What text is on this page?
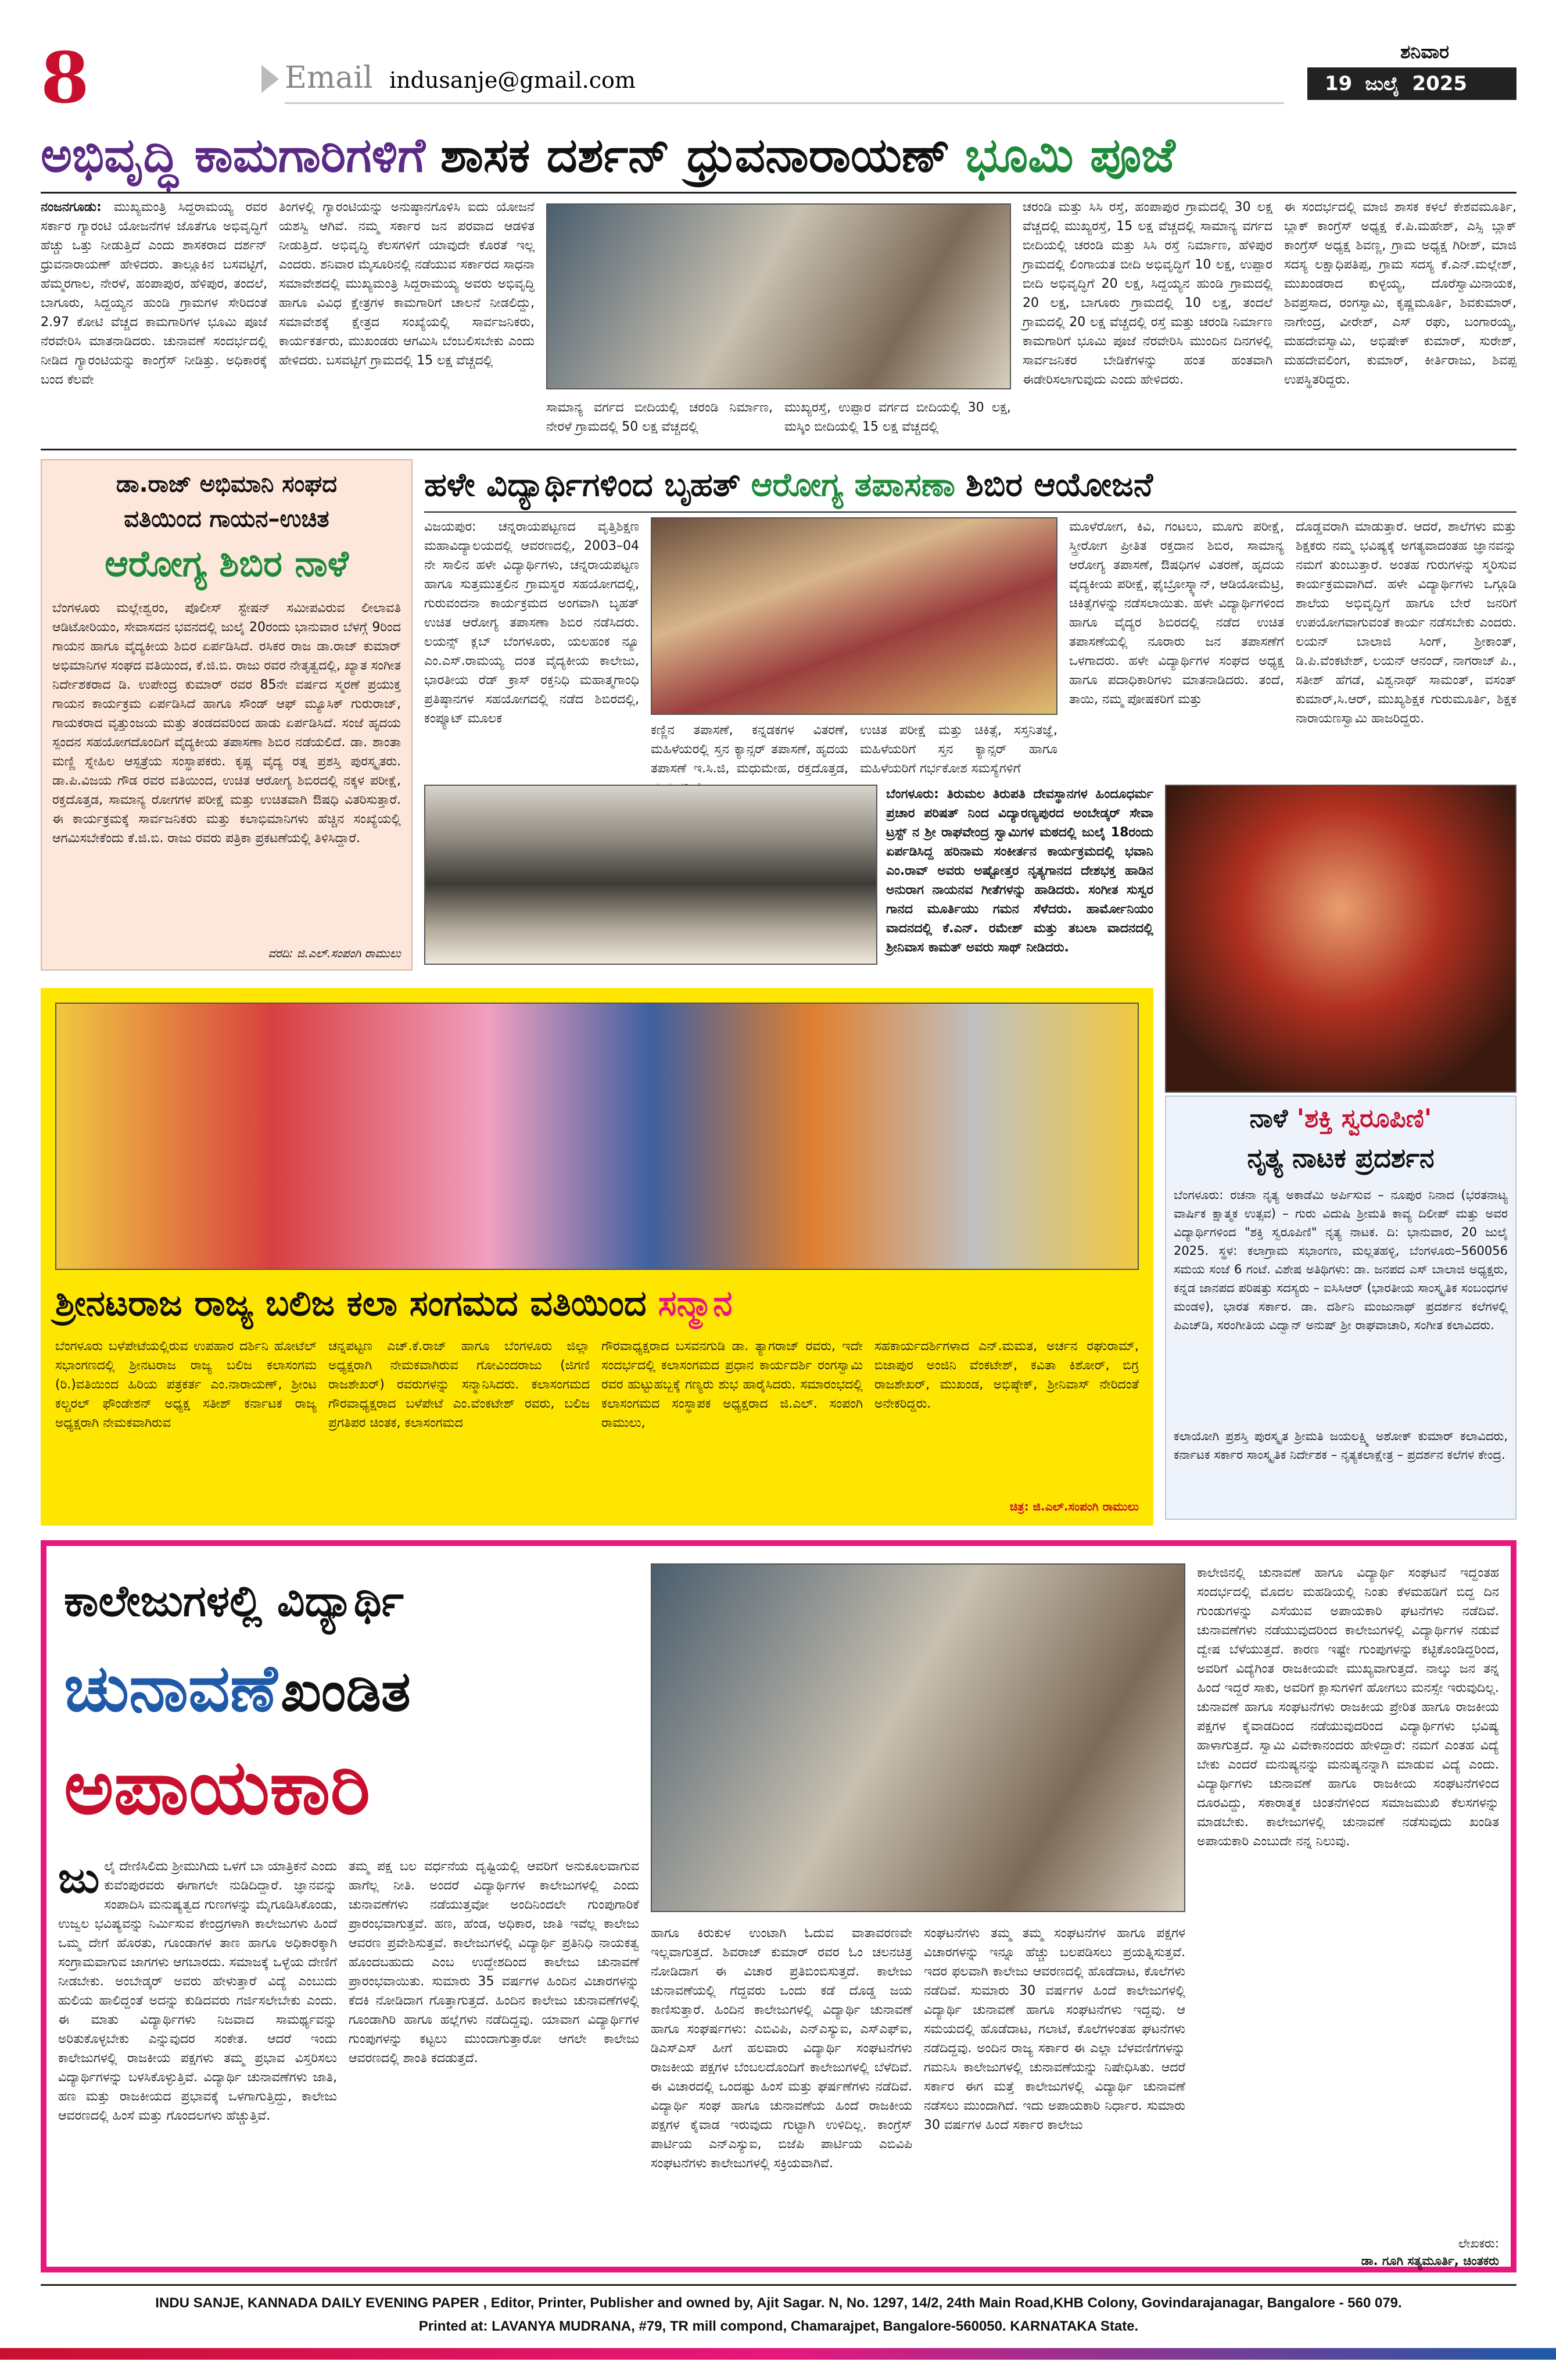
8	Email indusanje@gmail.com
ಶನಿವಾರ
19 ಜುಲೈ 2025
ಅಭಿವೃದ್ಧಿ ಕಾಮಗಾರಿಗಳಿಗೆ ಶಾಸಕ ದರ್ಶನ್ ಧ್ರುವನಾರಾಯಣ್ ಭೂಮಿ ಪೂಜೆ
ನಂಜನಗೂಡು: ಮುಖ್ಯಮಂತ್ರಿ ಸಿದ್ದರಾಮಯ್ಯ ರವರ ಸರ್ಕಾರ ಗ್ಯಾರಂಟಿ ಯೋಜನೆಗಳ ಜೊತೆಗೂ ಅಭಿವೃದ್ಧಿಗೆ ಹೆಚ್ಚು ಒತ್ತು ನೀಡುತ್ತಿದೆ ಎಂದು ಶಾಸಕರಾದ ದರ್ಶನ್ ಧ್ರುವನಾರಾಯಣ್ ಹೇಳಿದರು. ತಾಲ್ಲೂಕಿನ ಬಸವಟ್ಟಿಗೆ, ಹೆಮ್ಮರಗಾಲ, ನೇರಳೆ, ಹಂಪಾಪುರ, ಹೆಳಿಪುರ, ತಂದಲೆ, ಬಾಗೂರು, ಸಿದ್ದಯ್ಯನ ಹುಂಡಿ ಗ್ರಾಮಗಳ ಸೇರಿದಂತೆ 2.97 ಕೋಟಿ ವೆಚ್ಚದ ಕಾಮಗಾರಿಗಳ ಭೂಮಿ ಪೂಜೆ ನೆರವೇರಿಸಿ ಮಾತನಾಡಿದರು. ಚುನಾವಣೆ ಸಂದರ್ಭದಲ್ಲಿ ನೀಡಿದ ಗ್ಯಾರಂಟಿಯನ್ನು ಕಾಂಗ್ರೆಸ್ ನೀಡಿತ್ತು. ಅಧಿಕಾರಕ್ಕೆ ಬಂದ ಕೆಲವೇ
ತಿಂಗಳಲ್ಲಿ ಗ್ಯಾರಂಟಿಯನ್ನು ಅನುಷ್ಠಾನಗೊಳಿಸಿ ಐದು ಯೋಜನೆ ಯಶಸ್ವಿ ಆಗಿವೆ. ನಮ್ಮ ಸರ್ಕಾರ ಜನ ಪರವಾದ ಆಡಳಿತ ನೀಡುತ್ತಿದೆ. ಅಭಿವೃದ್ಧಿ ಕೆಲಸಗಳಿಗೆ ಯಾವುದೇ ಕೊರತೆ ಇಲ್ಲ ಎಂದರು. ಶನಿವಾರ ಮೈಸೂರಿನಲ್ಲಿ ನಡೆಯುವ ಸರ್ಕಾರದ ಸಾಧನಾ ಸಮಾವೇಶದಲ್ಲಿ ಮುಖ್ಯಮಂತ್ರಿ ಸಿದ್ದರಾಮಯ್ಯ ಅವರು ಅಭಿವೃದ್ಧಿ ಹಾಗೂ ವಿವಿಧ ಕ್ಷೇತ್ರಗಳ ಕಾಮಗಾರಿಗೆ ಚಾಲನೆ ನೀಡಲಿದ್ದು, ಸಮಾವೇಶಕ್ಕೆ ಕ್ಷೇತ್ರದ ಸಂಖ್ಯೆಯಲ್ಲಿ ಸಾರ್ವಜನಿಕರು, ಕಾರ್ಯಕರ್ತರು, ಮುಖಂಡರು ಆಗಮಿಸಿ ಬೆಂಬಲಿಸಬೇಕು ಎಂದು ಹೇಳಿದರು. ಬಸವಟ್ಟಿಗೆ ಗ್ರಾಮದಲ್ಲಿ 15 ಲಕ್ಷ ವೆಚ್ಚದಲ್ಲಿ
ಸಾಮಾನ್ಯ ವರ್ಗದ ಬೀದಿಯಲ್ಲಿ ಚರಂಡಿ ನಿರ್ಮಾಣ, ನೇರಳೆ ಗ್ರಾಮದಲ್ಲಿ 50 ಲಕ್ಷ ವೆಚ್ಚದಲ್ಲಿ
ಮುಖ್ಯರಸ್ತೆ, ಉಪ್ಪಾರ ವರ್ಗದ ಬೀದಿಯಲ್ಲಿ 30 ಲಕ್ಷ, ಮಸ್ಕಿಂ ಬೀದಿಯಲ್ಲಿ 15 ಲಕ್ಷ ವೆಚ್ಚದಲ್ಲಿ
ಚರಂಡಿ ಮತ್ತು ಸಿಸಿ ರಸ್ತೆ, ಹಂಪಾಪುರ ಗ್ರಾಮದಲ್ಲಿ 30 ಲಕ್ಷ ವೆಚ್ಚದಲ್ಲಿ ಮುಖ್ಯರಸ್ತೆ, 15 ಲಕ್ಷ ವೆಚ್ಚದಲ್ಲಿ ಸಾಮಾನ್ಯ ವರ್ಗದ ಬೀದಿಯಲ್ಲಿ ಚರಂಡಿ ಮತ್ತು ಸಿಸಿ ರಸ್ತೆ ನಿರ್ಮಾಣ, ಹೆಳಿಪುರ ಗ್ರಾಮದಲ್ಲಿ ಲಿಂಗಾಯತ ಬೀದಿ ಅಭಿವೃದ್ಧಿಗೆ 10 ಲಕ್ಷ, ಉಪ್ಪಾರ ಬೀದಿ ಅಭಿವೃದ್ಧಿಗೆ 20 ಲಕ್ಷ, ಸಿದ್ದಯ್ಯನ ಹುಂಡಿ ಗ್ರಾಮದಲ್ಲಿ 20 ಲಕ್ಷ, ಬಾಗೂರು ಗ್ರಾಮದಲ್ಲಿ 10 ಲಕ್ಷ, ತಂದಲೆ ಗ್ರಾಮದಲ್ಲಿ 20 ಲಕ್ಷ ವೆಚ್ಚದಲ್ಲಿ ರಸ್ತೆ ಮತ್ತು ಚರಂಡಿ ನಿರ್ಮಾಣ ಕಾಮಗಾರಿಗೆ ಭೂಮಿ ಪೂಜೆ ನೆರವೇರಿಸಿ ಮುಂದಿನ ದಿನಗಳಲ್ಲಿ ಸಾರ್ವಜನಿಕರ ಬೇಡಿಕೆಗಳನ್ನು ಹಂತ ಹಂತವಾಗಿ ಈಡೇರಿಸಲಾಗುವುದು ಎಂದು ಹೇಳಿದರು.
ಈ ಸಂದರ್ಭದಲ್ಲಿ ಮಾಜಿ ಶಾಸಕ ಕಳಲೆ ಕೇಶವಮೂರ್ತಿ, ಬ್ಲಾಕ್ ಕಾಂಗ್ರೆಸ್ ಅಧ್ಯಕ್ಷ ಕೆ.ಪಿ.ಮಹೇಶ್, ಎಸ್ಸಿ ಬ್ಲಾಕ್ ಕಾಂಗ್ರೆಸ್ ಅಧ್ಯಕ್ಷ ಶಿವಣ್ಣ, ಗ್ರಾಮ ಅಧ್ಯಕ್ಷ ಗಿರೀಶ್, ಮಾಜಿ ಸದಸ್ಯ ಲಕ್ಷಾಧಿಪತಿಪ್ಪ, ಗ್ರಾಮ ಸದಸ್ಯ ಕೆ.ಎನ್.ಮಲ್ಲೇಶ್, ಮುಖಂಡರಾದ ಕುಳ್ಳಯ್ಯ, ದೊರೆಸ್ವಾಮಿನಾಯಕ, ಶಿವಪ್ರಸಾದ, ರಂಗಸ್ವಾಮಿ, ಕೃಷ್ಣಮೂರ್ತಿ, ಶಿವಕುಮಾರ್, ನಾಗೇಂದ್ರ, ವೀರೇಶ್, ಎಸ್ ರಘು, ಬಂಗಾರಯ್ಯ, ಮಹದೇವಸ್ವಾಮಿ, ಅಭಿಷೇಕ್ ಕುಮಾರ್, ಸುರೇಶ್, ಮಹದೇವಲಿಂಗ, ಕುಮಾರ್, ಕೀರ್ತಿರಾಜು, ಶಿವಪ್ಪ ಉಪಸ್ಥಿತರಿದ್ದರು.
ಡಾ.ರಾಜ್ ಅಭಿಮಾನಿ ಸಂಘದ
ವತಿಯಿಂದ ಗಾಯನ–ಉಚಿತ
ಆರೋಗ್ಯ ಶಿಬಿರ ನಾಳೆ
ಬೆಂಗಳೂರು ಮಲ್ಲೇಶ್ವರಂ, ಪೊಲೀಸ್ ಸ್ಟೇಷನ್ ಸಮೀಪವಿರುವ ಲೀಲಾವತಿ ಆಡಿಟೋರಿಯಂ, ಸೇವಾಸದನ ಭವನದಲ್ಲಿ ಜುಲೈ 20ರಂದು ಭಾನುವಾರ ಬೆಳಗ್ಗೆ 9ರಿಂದ ಗಾಯನ ಹಾಗೂ ವೈದ್ಯಕೀಯ ಶಿಬಿರ ಏರ್ಪಡಿಸಿದೆ. ರಸಿಕರ ರಾಜ ಡಾ.ರಾಜ್ ಕುಮಾರ್ ಅಭಿಮಾನಿಗಳ ಸಂಘದ ವತಿಯಿಂದ, ಕೆ.ಜಿ.ಬಿ. ರಾಜು ರವರ ನೇತೃತ್ವದಲ್ಲಿ, ಖ್ಯಾತ ಸಂಗೀತ ನಿರ್ದೇಶಕರಾದ ಡಿ. ಉಪೇಂದ್ರ ಕುಮಾರ್ ರವರ 85ನೇ ವರ್ಷದ ಸ್ಮರಣೆ ಪ್ರಯುಕ್ತ ಗಾಯನ ಕಾರ್ಯಕ್ರಮ ಏರ್ಪಡಿಸಿದೆ ಹಾಗೂ ಸೌಂಡ್ ಆಫ್ ಮ್ಯೂಸಿಕ್ ಗುರುರಾಜ್, ಗಾಯಕರಾದ ವೃತ್ತುಂಜಯ ಮತ್ತು ತಂಡದವರಿಂದ ಹಾಡು ಏರ್ಪಡಿಸಿದೆ. ಸಂಜೆ ಹೃದಯ ಸ್ಪಂದನ ಸಹಯೋಗದೊಂದಿಗೆ ವೈದ್ಯಕೀಯ ತಪಾಸಣಾ ಶಿಬಿರ ನಡೆಯಲಿದೆ. ಡಾ. ಶಾಂತಾ ಮಣ್ಣಿ ಸ್ನೇಹಿಲ ಆಸ್ಪತ್ರೆಯ ಸಂಸ್ಥಾಪಕರು. ಕೃಷ್ಣ ವೈದ್ಯ ರತ್ನ ಪ್ರಶಸ್ತಿ ಪುರಸ್ಕೃತರು. ಡಾ.ಪಿ.ವಿಜಯ ಗೌಡ ರವರ ವತಿಯಿಂದ, ಉಚಿತ ಆರೋಗ್ಯ ಶಿಬಿರದಲ್ಲಿ ನಕ್ಕಳ ಪರೀಕ್ಷೆ, ರಕ್ತದೊತ್ತಡ, ಸಾಮಾನ್ಯ ರೋಗಗಳ ಪರೀಕ್ಷೆ ಮತ್ತು ಉಚಿತವಾಗಿ ಔಷಧಿ ವಿತರಿಸುತ್ತಾರೆ. ಈ ಕಾರ್ಯಕ್ರಮಕ್ಕೆ ಸಾರ್ವಜನಿಕರು ಮತ್ತು ಕಲಾಭಿಮಾನಿಗಳು ಹೆಚ್ಚಿನ ಸಂಖ್ಯೆಯಲ್ಲಿ ಆಗಮಿಸಬೇಕೆಂದು ಕೆ.ಜಿ.ಬಿ. ರಾಜು ರವರು ಪತ್ರಿಕಾ ಪ್ರಕಟಣೆಯಲ್ಲಿ ತಿಳಿಸಿದ್ದಾರೆ.
ವರದಿ: ಜಿ.ಎಲ್.ಸಂಪಂಗಿ ರಾಮುಲು
ಹಳೇ ವಿದ್ಯಾರ್ಥಿಗಳಿಂದ ಬೃಹತ್ ಆರೋಗ್ಯ ತಪಾಸಣಾ ಶಿಬಿರ ಆಯೋಜನೆ
ವಿಜಯಪುರ: ಚನ್ನರಾಯಪಟ್ಟಣದ ವೃತ್ತಿಶಿಕ್ಷಣ ಮಹಾವಿದ್ಯಾಲಯದಲ್ಲಿ ಆವರಣದಲ್ಲಿ, 2003–04 ನೇ ಸಾಲಿನ ಹಳೇ ವಿದ್ಯಾರ್ಥಿಗಳು, ಚನ್ನರಾಯಪಟ್ಟಣ ಹಾಗೂ ಸುತ್ತಮುತ್ತಲಿನ ಗ್ರಾಮಸ್ಥರ ಸಹಯೋಗದಲ್ಲಿ, ಗುರುವಂದನಾ ಕಾರ್ಯಕ್ರಮದ ಅಂಗವಾಗಿ ಬೃಹತ್ ಉಚಿತ ಆರೋಗ್ಯ ತಪಾಸಣಾ ಶಿಬಿರ ನಡೆಸಿದರು. ಲಯನ್ಸ್ ಕ್ಲಬ್ ಬೆಂಗಳೂರು, ಯಲಹಂಕ ನ್ಯೂ ಎಂ.ಎಸ್.ರಾಮಯ್ಯ ದಂತ ವೈದ್ಯಕೀಯ ಕಾಲೇಜು, ಭಾರತೀಯ ರೆಡ್ ಕ್ರಾಸ್ ರಕ್ತನಿಧಿ ಮಹಾತ್ಮಗಾಂಧಿ ಪ್ರತಿಷ್ಠಾನಗಳ ಸಹಯೋಗದಲ್ಲಿ ನಡೆದ ಶಿಬಿರದಲ್ಲಿ, ಕಂಪ್ಯೂಟ್ ಮೂಲಕ
ಕಣ್ಣಿನ ತಪಾಸಣೆ, ಕನ್ನಡಕಗಳ ವಿತರಣೆ, ಮಹಿಳೆಯರಲ್ಲಿ ಸ್ತನ ಕ್ಯಾನ್ಸರ್ ತಪಾಸಣೆ, ಹೃದಯ ತಪಾಸಣೆ ಇ.ಸಿ.ಜಿ, ಮಧುಮೇಹ, ರಕ್ತದೊತ್ತಡ,
ಉಚಿತ ಪರೀಕ್ಷೆ ಮತ್ತು ಚಿಕಿತ್ಸೆ, ಸಸ್ತನಿತಜ್ಞೆ, ಮಹಿಳೆಯರಿಗೆ ಸ್ತನ ಕ್ಯಾನ್ಸರ್ ಹಾಗೂ ಮಹಿಳೆಯರಿಗೆ ಗರ್ಭಕೋಶ ಸಮಸ್ಯೆಗಳಿಗೆ
ಮೂಳೆರೋಗ, ಕಿವಿ, ಗಂಟಲು, ಮೂಗು ಪರೀಕ್ಷೆ, ಸ್ತ್ರೀರೋಗ ಪ್ರೀತಿತ ರಕ್ತದಾನ ಶಿಬಿರ, ಸಾಮಾನ್ಯ ಆರೋಗ್ಯ ತಪಾಸಣೆ, ಔಷಧಿಗಳ ವಿತರಣೆ, ಹೃದಯ ವೈದ್ಯಕೀಯ ಪರೀಕ್ಷೆ, ಫೈಬ್ರೋಸ್ಕ್ಯಾನ್, ಆಡಿಯೋಮೆಟ್ರಿ, ಚಿಕಿತ್ಸೆಗಳನ್ನು ನಡೆಸಲಾಯಿತು. ಹಳೇ ವಿದ್ಯಾರ್ಥಿಗಳಿಂದ ಹಾಗೂ ವೈದ್ಯರ ಶಿಬಿರದಲ್ಲಿ ನಡೆದ ಉಚಿತ ತಪಾಸಣೆಯಲ್ಲಿ ನೂರಾರು ಜನ ತಪಾಸಣೆಗೆ ಒಳಗಾದರು. ಹಳೇ ವಿದ್ಯಾರ್ಥಿಗಳ ಸಂಘದ ಅಧ್ಯಕ್ಷ ಹಾಗೂ ಪದಾಧಿಕಾರಿಗಳು ಮಾತನಾಡಿದರು. ತಂದೆ, ತಾಯಿ, ನಮ್ಮ ಪೋಷಕರಿಗೆ ಮತ್ತು
ದೊಡ್ಡವರಾಗಿ ಮಾಡುತ್ತಾರೆ. ಆದರೆ, ಶಾಲೆಗಳು ಮತ್ತು ಶಿಕ್ಷಕರು ನಮ್ಮ ಭವಿಷ್ಯಕ್ಕೆ ಅಗತ್ಯವಾದಂತಹ ಜ್ಞಾನವನ್ನು ನಮಗೆ ತುಂಬುತ್ತಾರೆ. ಅಂತಹ ಗುರುಗಳನ್ನು ಸ್ಮರಿಸುವ ಕಾರ್ಯಕ್ರಮವಾಗಿದೆ. ಹಳೇ ವಿದ್ಯಾರ್ಥಿಗಳು ಒಗ್ಗೂಡಿ ಶಾಲೆಯ ಅಭಿವೃದ್ಧಿಗೆ ಹಾಗೂ ಬೇರೆ ಜನರಿಗೆ ಉಪಯೋಗವಾಗುವಂತೆ ಕಾರ್ಯ ನಡೆಸಬೇಕು ಎಂದರು. ಲಯನ್ ಬಾಲಾಜಿ ಸಿಂಗ್, ಶ್ರೀಕಾಂತ್, ಡಿ.ಪಿ.ವೆಂಕಟೇಶ್, ಲಯನ್ ಆನಂದ್, ನಾಗರಾಜ್ ಪಿ., ಸತೀಶ್ ಹೆಗಡೆ, ವಿಶ್ವನಾಥ್ ಸಾಮಂತ್, ವಸಂತ್ ಕುಮಾರ್,ಸಿ.ಆರ್, ಮುಖ್ಯಶಿಕ್ಷಕ ಗುರುಮೂರ್ತಿ, ಶಿಕ್ಷಕ ನಾರಾಯಣಸ್ವಾಮಿ ಹಾಜರಿದ್ದರು.
ಬೆಂಗಳೂರು: ತಿರುಮಲ ತಿರುಪತಿ ದೇವಸ್ಥಾನಗಳ ಹಿಂದೂಧರ್ಮ ಪ್ರಚಾರ ಪರಿಷತ್ ನಿಂದ ವಿದ್ಯಾರಣ್ಯಪುರದ ಅಂಬೇಡ್ಕರ್ ಸೇವಾ ಟ್ರಸ್ಟ್ ನ ಶ್ರೀ ರಾಘವೇಂದ್ರ ಸ್ವಾಮಿಗಳ ಮಠದಲ್ಲಿ ಜುಲೈ 18ರಂದು ಏರ್ಪಡಿಸಿದ್ದ ಹರಿನಾಮ ಸಂಕೀರ್ತನ ಕಾರ್ಯಕ್ರಮದಲ್ಲಿ ಭವಾನಿ ಎಂ.ರಾವ್ ಅವರು ಅಷ್ಟೋತ್ತರ ನೃತ್ಯಗಾನದ ದೇಶಭಕ್ತ ಹಾಡಿನ ಅನುರಾಗ ನಾಯನವ ಗೀತೆಗಳನ್ನು ಹಾಡಿದರು. ಸಂಗೀತ ಸುಸ್ವರ ಗಾನದ ಮೂರ್ತಿಯು ಗಮನ ಸೆಳೆದರು. ಹಾರ್ಮೋನಿಯಂ ವಾದನದಲ್ಲಿ ಕೆ.ಎನ್. ರಮೇಶ್ ಮತ್ತು ತಬಲಾ ವಾದನದಲ್ಲಿ ಶ್ರೀನಿವಾಸ ಕಾಮತ್ ಅವರು ಸಾಥ್ ನೀಡಿದರು.
ನಾಳೆ 'ಶಕ್ತಿ ಸ್ವರೂಪಿಣಿ'
ನೃತ್ಯ ನಾಟಕ ಪ್ರದರ್ಶನ
ಬೆಂಗಳೂರು: ರಚನಾ ನೃತ್ಯ ಅಕಾಡೆಮಿ ಅರ್ಪಿಸುವ – ನೂಪುರ ನಿನಾದ (ಭರತನಾಟ್ಯ ವಾರ್ಷಿಕ ಕ್ಷಾತ್ಮಕ ಉತ್ಸವ) – ಗುರು ವಿದುಷಿ ಶ್ರೀಮತಿ ಕಾವ್ಯ ದಿಲೀಪ್ ಮತ್ತು ಅವರ ವಿದ್ಯಾರ್ಥಿಗಳಿಂದ "ಶಕ್ತಿ ಸ್ವರೂಪಿಣಿ" ನೃತ್ಯ ನಾಟಕ. ದಿ: ಭಾನುವಾರ, 20 ಜುಲೈ 2025. ಸ್ಥಳ: ಕಲಾಗ್ರಾಮ ಸಭಾಂಗಣ, ಮಲ್ಲತಹಳ್ಳಿ, ಬೆಂಗಳೂರು–560056 ಸಮಯ ಸಂಜೆ 6 ಗಂಟೆ. ವಿಶೇಷ ಅತಿಥಿಗಳು: ಡಾ. ಜನಪದ ಎಸ್ ಬಾಲಾಜಿ ಅಧ್ಯಕ್ಷರು, ಕನ್ನಡ ಜಾನಪದ ಪರಿಷತ್ತು ಸದಸ್ಯರು – ಐಸಿಸಿಆರ್ (ಭಾರತೀಯ ಸಾಂಸ್ಕೃತಿಕ ಸಂಬಂಧಗಳ ಮಂಡಳಿ), ಭಾರತ ಸರ್ಕಾರ. ಡಾ. ದರ್ಶಿನಿ ಮಂಜುನಾಥ್ ಪ್ರದರ್ಶನ ಕಲೆಗಳಲ್ಲಿ ಪಿಎಚ್‌ಡಿ, ಸರಂಗೀತಿಯ ವಿದ್ವಾನ್ ಅನುಷ್ ಶ್ರೀ ರಾಘವಾಚಾರಿ, ಸಂಗೀತ ಕಲಾವಿದರು.
ಕಲಾಯೋಗಿ ಪ್ರಶಸ್ತಿ ಪುರಸ್ಕೃತ ಶ್ರೀಮತಿ ಜಯಲಕ್ಷ್ಮಿ ಅಶೋಕ್ ಕುಮಾರ್ ಕಲಾವಿದರು, ಕರ್ನಾಟಕ ಸರ್ಕಾರ ಸಾಂಸ್ಕೃತಿಕ ನಿರ್ದೇಶಕ – ನೃತ್ಯಕಲಾಕ್ಷೇತ್ರ – ಪ್ರದರ್ಶನ ಕಲೆಗಳ ಕೇಂದ್ರ.
ಶ್ರೀನಟರಾಜ ರಾಜ್ಯ ಬಲಿಜ ಕಲಾ ಸಂಗಮದ ವತಿಯಿಂದ ಸನ್ಮಾನ
ಬೆಂಗಳೂರು ಬಳೆಪೇಟೆಯಲ್ಲಿರುವ ಉಪಹಾರ ದರ್ಶಿನಿ ಹೋಟೆಲ್ ಸಭಾಂಗಣದಲ್ಲಿ ಶ್ರೀನಟರಾಜ ರಾಜ್ಯ ಬಲಿಜ ಕಲಾಸಂಗಮ (ರಿ.)ವತಿಯಿಂದ ಹಿರಿಯ ಪತ್ರಕರ್ತ ಎಂ.ನಾರಾಯಣ್, ಶ್ರೀಂಟ ಕಲ್ಚರಲ್ ಫೌಂಡೇಶನ್ ಅಧ್ಯಕ್ಷ ಸತೀಶ್ ಕರ್ನಾಟಕ ರಾಜ್ಯ ಅಧ್ಯಕ್ಷರಾಗಿ ನೇಮಕವಾಗಿರುವ
ಚನ್ನಪಟ್ಟಣ ಎಚ್.ಕೆ.ರಾಜ್ ಹಾಗೂ ಬೆಂಗಳೂರು ಜಿಲ್ಲಾ ಅಧ್ಯಕ್ಷರಾಗಿ ನೇಮಕವಾಗಿರುವ ಗೋವಿಂದರಾಜು (ಜಿಗಣಿ ರಾಜಶೇಖರ್) ರವರುಗಳನ್ನು ಸನ್ಮಾನಿಸಿದರು. ಕಲಾಸಂಗಮದ ಗೌರವಾಧ್ಯಕ್ಷರಾದ ಬಳೆಪೇಟೆ ಎಂ.ವೆಂಕಟೇಶ್ ರವರು, ಬಲಿಜ ಪ್ರಗತಿಪರ ಚಿಂತಕ, ಕಲಾಸಂಗಮದ
ಗೌರವಾಧ್ಯಕ್ಷರಾದ ಬಸವನಗುಡಿ ಡಾ. ತ್ಯಾಗರಾಜ್ ರವರು, ಇದೇ ಸಂದರ್ಭದಲ್ಲಿ ಕಲಾಸಂಗಮದ ಪ್ರಧಾನ ಕಾರ್ಯದರ್ಶಿ ರಂಗಸ್ವಾಮಿ ರವರ ಹುಟ್ಟುಹಬ್ಬಕ್ಕೆ ಗಣ್ಯರು ಶುಭ ಹಾರೈಸಿದರು. ಸಮಾರಂಭದಲ್ಲಿ ಕಲಾಸಂಗಮದ ಸಂಸ್ಥಾಪಕ ಅಧ್ಯಕ್ಷರಾದ ಜಿ.ಎಲ್. ಸಂಪಂಗಿ ರಾಮುಲು,
ಸಹಕಾರ್ಯದರ್ಶಿಗಳಾದ ಎನ್.ಮಮತ, ಅರ್ಚನ ರಘುರಾಮ್, ಬಿಜಾಪುರ ಅಂಜಿನಿ ವೆಂಕಟೇಶ್, ಕವಿತಾ ಕಿಶೋರ್, ಬಿಗ್ರ ರಾಜಶೇಖರ್, ಮುಖಂಡ, ಅಭಿಷ್ಠೇಕ್, ಶ್ರೀನಿವಾಸ್ ನೇರಿದಂತೆ ಅನೇಕರಿದ್ದರು.
ಚಿತ್ರ: ಜಿ.ಎಲ್.ಸಂಪಂಗಿ ರಾಮುಲು
ಕಾಲೇಜುಗಳಲ್ಲಿ ವಿದ್ಯಾರ್ಥಿ
ಚುನಾವಣೆ ಖಂಡಿತ
ಅಪಾಯಕಾರಿ
ಜು ಲೈ ದೇಣಿಸಿಲಿದು ಶ್ರೀಮುಗಿದು ಒಳಗೆ ಬಾ ಯಾತ್ರಿಕನೆ ಎಂದು ಕುವೆಂಪುರವರು ಈಗಾಗಲೇ ನುಡಿದಿದ್ದಾರೆ. ಜ್ಞಾನವನ್ನು ಸಂಪಾದಿಸಿ ಮನುಷ್ಯತ್ವದ ಗುಣಗಳನ್ನು ಮೈಗೂಡಿಸಿಕೊಂಡು, ಉಜ್ವಲ ಭವಿಷ್ಯವನ್ನು ನಿರ್ಮಿಸುವ ಕೇಂದ್ರಗಳಾಗಿ ಕಾಲೇಜುಗಳು ಹಿಂದೆ ಒಮ್ಮ ದೇಗೆ ಹೊರತು, ಗೂಂಡಾಗಳ ತಾಣ ಹಾಗೂ ಅಧಿಕಾರಕ್ಕಾಗಿ ಸಂಗ್ರಾಮವಾಗುವ ಜಾಗಗಳು ಆಗಬಾರದು. ಸಮಾಜಕ್ಕೆ ಒಳ್ಳೆಯ ದೇಣಿಗೆ ನೀಡಬೇಕು. ಅಂಬೇಡ್ಕರ್ ಅವರು ಹೇಳುತ್ತಾರೆ ವಿದ್ಯೆ ಎಂಬುದು ಹುಲಿಯ ಹಾಲಿದ್ದಂತೆ ಅದನ್ನು ಕುಡಿದವರು ಗರ್ಜಿಸಲೇಬೇಕು ಎಂದು. ಈ ಮಾತು ವಿದ್ಯಾರ್ಥಿಗಳು ನಿಜವಾದ ಸಾಮರ್ಥ್ಯವನ್ನು ಅರಿತುಕೊಳ್ಳಬೇಕು ಎನ್ನುವುದರ ಸಂಕೇತ. ಆದರೆ ಇಂದು ಕಾಲೇಜುಗಳಲ್ಲಿ ರಾಜಕೀಯ ಪಕ್ಷಗಳು ತಮ್ಮ ಪ್ರಭಾವ ವಿಸ್ತರಿಸಲು ವಿದ್ಯಾರ್ಥಿಗಳನ್ನು ಬಳಸಿಕೊಳ್ಳುತ್ತಿವೆ. ವಿದ್ಯಾರ್ಥಿ ಚುನಾವಣೆಗಳು ಜಾತಿ, ಹಣ ಮತ್ತು ರಾಜಕೀಯದ ಪ್ರಭಾವಕ್ಕೆ ಒಳಗಾಗುತ್ತಿದ್ದು, ಕಾಲೇಜು ಆವರಣದಲ್ಲಿ ಹಿಂಸೆ ಮತ್ತು ಗೊಂದಲಗಳು ಹೆಚ್ಚುತ್ತಿವೆ.
ತಮ್ಮ ಪಕ್ಷ ಬಲ ವರ್ಧನೆಯ ದೃಷ್ಟಿಯಲ್ಲಿ ಆವರಿಗೆ ಅನುಕೂಲವಾಗುವ ಹಾಗೆಲ್ಲ ನೀತಿ. ಅಂದರೆ ವಿದ್ಯಾರ್ಥಿಗಳ ಕಾಲೇಜುಗಳಲ್ಲಿ ಎಂದು ಚುನಾವಣೆಗಳು ನಡೆಯುತ್ತವೋ ಅಂದಿನಿಂದಲೇ ಗುಂಪುಗಾರಿಕೆ ಪ್ರಾರಂಭವಾಗುತ್ತವೆ. ಹಣ, ಹೆಂಡ, ಅಧಿಕಾರ, ಜಾತಿ ಇವೆಲ್ಲ ಕಾಲೇಜು ಆವರಣ ಪ್ರವೇಶಿಸುತ್ತವೆ. ಕಾಲೇಜುಗಳಲ್ಲಿ ವಿದ್ಯಾರ್ಥಿ ಪ್ರತಿನಿಧಿ ನಾಯಕತ್ವ ಹೊಂದಬಹುದು ಎಂಬ ಉದ್ದೇಶದಿಂದ ಕಾಲೇಜು ಚುನಾವಣೆ ಪ್ರಾರಂಭವಾಯಿತು. ಸುಮಾರು 35 ವರ್ಷಗಳ ಹಿಂದಿನ ವಿಚಾರಗಳನ್ನು ಕೆದಕಿ ನೋಡಿದಾಗ ಗೊತ್ತಾಗುತ್ತದೆ. ಹಿಂದಿನ ಕಾಲೇಜು ಚುನಾವಣೆಗಳಲ್ಲಿ ಗೂಂಡಾಗಿರಿ ಹಾಗೂ ಹಲ್ಲೆಗಳು ನಡೆದಿದ್ದವು. ಯಾವಾಗ ವಿದ್ಯಾರ್ಥಿಗಳ ಗುಂಪುಗಳನ್ನು ಕಟ್ಟಲು ಮುಂದಾಗುತ್ತಾರೋ ಆಗಲೇ ಕಾಲೇಜು ಆವರಣದಲ್ಲಿ ಶಾಂತಿ ಕದಡುತ್ತದೆ.
ಹಾಗೂ ಕಿರುಕುಳ ಉಂಟಾಗಿ ಓದುವ ವಾತಾವರಣವೇ ಇಲ್ಲವಾಗುತ್ತದೆ. ಶಿವರಾಜ್ ಕುಮಾರ್ ರವರ ಓಂ ಚಲನಚಿತ್ರ ನೋಡಿದಾಗ ಈ ವಿಚಾರ ಪ್ರತಿಬಿಂಬಿಸುತ್ತದೆ. ಕಾಲೇಜು ಚುನಾವಣೆಯಲ್ಲಿ ಗೆದ್ದವರು ಒಂದು ಕಡೆ ದೊಡ್ಡ ಜಯ ಕಾಣಿಸುತ್ತಾರೆ. ಹಿಂದಿನ ಕಾಲೇಜುಗಳಲ್ಲಿ ವಿದ್ಯಾರ್ಥಿ ಚುನಾವಣೆ ಹಾಗೂ ಸಂಘರ್ಷಗಳು: ಎಬಿವಿಪಿ, ಎನ್ಎಸ್ಯುಐ, ಎಸ್ಎಫ್ಐ, ಡಿಎಸ್ಎಸ್ ಹೀಗೆ ಹಲವಾರು ವಿದ್ಯಾರ್ಥಿ ಸಂಘಟನೆಗಳು ರಾಜಕೀಯ ಪಕ್ಷಗಳ ಬೆಂಬಲದೊಂದಿಗೆ ಕಾಲೇಜುಗಳಲ್ಲಿ ಬೆಳೆದಿವೆ. ಈ ವಿಚಾರದಲ್ಲಿ ಒಂದಷ್ಟು ಹಿಂಸೆ ಮತ್ತು ಘರ್ಷಣೆಗಳು ನಡೆದಿವೆ. ವಿದ್ಯಾರ್ಥಿ ಸಂಘ ಹಾಗೂ ಚುನಾವಣೆಯ ಹಿಂದೆ ರಾಜಕೀಯ ಪಕ್ಷಗಳ ಕೈವಾಡ ಇರುವುದು ಗುಟ್ಟಾಗಿ ಉಳಿದಿಲ್ಲ. ಕಾಂಗ್ರೆಸ್ ಪಾರ್ಟಿಯ ಎನ್ಎಸ್ಯುಐ, ಬಿಜೆಪಿ ಪಾರ್ಟಿಯ ಎಬಿವಿಪಿ ಸಂಘಟನೆಗಳು ಕಾಲೇಜುಗಳಲ್ಲಿ ಸಕ್ರಿಯವಾಗಿವೆ.
ಸಂಘಟನೆಗಳು ತಮ್ಮ ತಮ್ಮ ಸಂಘಟನೆಗಳ ಹಾಗೂ ಪಕ್ಷಗಳ ವಿಚಾರಗಳನ್ನು ಇನ್ನೂ ಹೆಚ್ಚು ಬಲಪಡಿಸಲು ಪ್ರಯತ್ನಿಸುತ್ತವೆ. ಇದರ ಫಲವಾಗಿ ಕಾಲೇಜು ಆವರಣದಲ್ಲಿ ಹೊಡೆದಾಟ, ಕೊಲೆಗಳು ನಡೆದಿವೆ. ಸುಮಾರು 30 ವರ್ಷಗಳ ಹಿಂದೆ ಕಾಲೇಜುಗಳಲ್ಲಿ ವಿದ್ಯಾರ್ಥಿ ಚುನಾವಣೆ ಹಾಗೂ ಸಂಘಟನೆಗಳು ಇದ್ದವು. ಆ ಸಮಯದಲ್ಲಿ ಹೊಡೆದಾಟ, ಗಲಾಟೆ, ಕೊಲೆಗಳಂತಹ ಘಟನೆಗಳು ನಡೆದಿದ್ದವು. ಅಂದಿನ ರಾಜ್ಯ ಸರ್ಕಾರ ಈ ಎಲ್ಲಾ ಬೆಳವಣಿಗೆಗಳನ್ನು ಗಮನಿಸಿ ಕಾಲೇಜುಗಳಲ್ಲಿ ಚುನಾವಣೆಯನ್ನು ನಿಷೇಧಿಸಿತು. ಆದರೆ ಸರ್ಕಾರ ಈಗ ಮತ್ತೆ ಕಾಲೇಜುಗಳಲ್ಲಿ ವಿದ್ಯಾರ್ಥಿ ಚುನಾವಣೆ ನಡೆಸಲು ಮುಂದಾಗಿದೆ. ಇದು ಅಪಾಯಕಾರಿ ನಿರ್ಧಾರ. ಸುಮಾರು 30 ವರ್ಷಗಳ ಹಿಂದೆ ಸರ್ಕಾರ ಕಾಲೇಜು
ಕಾಲೇಜಿನಲ್ಲಿ ಚುನಾವಣೆ ಹಾಗೂ ವಿದ್ಯಾರ್ಥಿ ಸಂಘಟನೆ ಇದ್ದಂತಹ ಸಂದರ್ಭದಲ್ಲಿ ಮೊದಲ ಮಹಡಿಯಲ್ಲಿ ನಿಂತು ಕೆಳಮಹಡಿಗೆ ಬಿದ್ದ ದಿನ ಗುಂಡುಗಳನ್ನು ಎಸೆಯುವ ಅಪಾಯಕಾರಿ ಘಟನೆಗಳು ನಡೆದಿವೆ. ಚುನಾವಣೆಗಳು ನಡೆಯುವುದರಿಂದ ಕಾಲೇಜುಗಳಲ್ಲಿ ವಿದ್ಯಾರ್ಥಿಗಳ ನಡುವೆ ದ್ವೇಷ ಬೆಳೆಯುತ್ತದೆ. ಕಾರಣ ಇಷ್ಟೇ ಗುಂಪುಗಳನ್ನು ಕಟ್ಟಿಕೊಂಡಿದ್ದರಿಂದ, ಅವರಿಗೆ ವಿದ್ಯೆಗಿಂತ ರಾಜಕೀಯವೇ ಮುಖ್ಯವಾಗುತ್ತದೆ. ನಾಲ್ಕು ಜನ ತನ್ನ ಹಿಂದೆ ಇದ್ದರೆ ಸಾಕು, ಅವರಿಗೆ ಕ್ಲಾಸುಗಳಿಗೆ ಹೋಗಲು ಮನಸ್ಸೇ ಇರುವುದಿಲ್ಲ. ಚುನಾವಣೆ ಹಾಗೂ ಸಂಘಟನೆಗಳು ರಾಜಕೀಯ ಪ್ರೇರಿತ ಹಾಗೂ ರಾಜಕೀಯ ಪಕ್ಷಗಳ ಕೈವಾಡದಿಂದ ನಡೆಯುವುದರಿಂದ ವಿದ್ಯಾರ್ಥಿಗಳು ಭವಿಷ್ಯ ಹಾಳಾಗುತ್ತದೆ. ಸ್ವಾಮಿ ವಿವೇಕಾನಂದರು ಹೇಳಿದ್ದಾರೆ: ನಮಗೆ ಎಂತಹ ವಿದ್ಯೆ ಬೇಕು ಎಂದರೆ ಮನುಷ್ಯನನ್ನು ಮನುಷ್ಯನನ್ನಾಗಿ ಮಾಡುವ ವಿದ್ಯೆ ಎಂದು. ವಿದ್ಯಾರ್ಥಿಗಳು ಚುನಾವಣೆ ಹಾಗೂ ರಾಜಕೀಯ ಸಂಘಟನೆಗಳಿಂದ ದೂರವಿದ್ದು, ಸಕಾರಾತ್ಮಕ ಚಿಂತನೆಗಳಿಂದ ಸಮಾಜಮುಖಿ ಕೆಲಸಗಳನ್ನು ಮಾಡಬೇಕು. ಕಾಲೇಜುಗಳಲ್ಲಿ ಚುನಾವಣೆ ನಡೆಸುವುದು ಖಂಡಿತ ಅಪಾಯಕಾರಿ ಎಂಬುದೇ ನನ್ನ ನಿಲುವು.
ಲೇಖಕರು:
ಡಾ. ಗೂಗಿ ಸತ್ಯಮೂರ್ತಿ, ಚಿಂತಕರು
INDU SANJE, KANNADA DAILY EVENING PAPER , Editor, Printer, Publisher and owned by, Ajit Sagar. N, No. 1297, 14/2, 24th Main Road,KHB Colony, Govindarajanagar, Bangalore - 560 079.
Printed at: LAVANYA MUDRANA, #79, TR mill compond, Chamarajpet, Bangalore-560050. KARNATAKA State.
